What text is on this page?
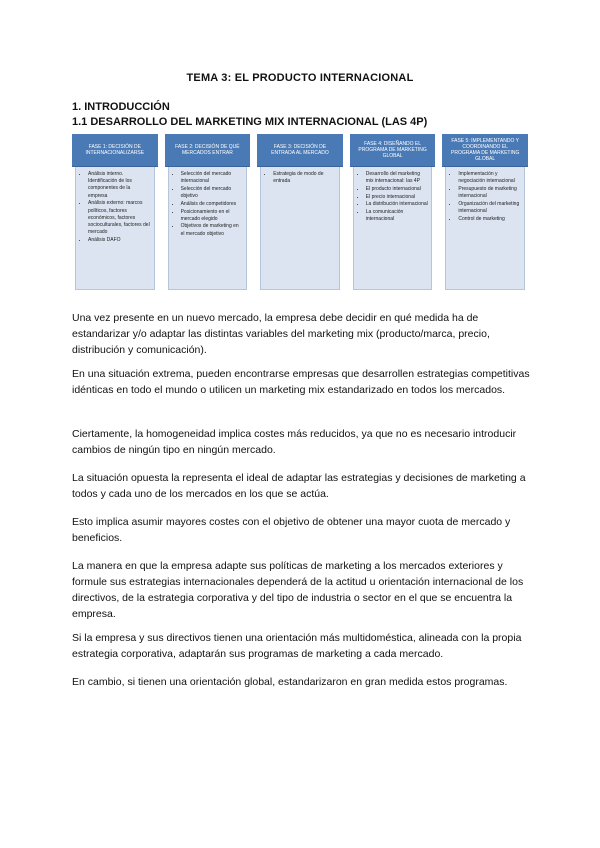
TEMA 3: EL PRODUCTO INTERNACIONAL
1. INTRODUCCIÓN
1.1 DESARROLLO DEL MARKETING MIX INTERNACIONAL (LAS 4P)
FASE 1: DECISIÓN DE INTERNACIONALIZARSE
• Análisis interno. Identificación de los componentes de la empresa
• Análisis externo: marcos políticos, factores económicos, factores socioculturales, factores del mercado
• Análisis DAFO
FASE 2: DECISIÓN DE QUÉ MERCADOS ENTRAR
• Selección del mercado internacional
• Selección del mercado objetivo
• Análisis de competidores
• Posicionamiento en el mercado elegido
• Objetivos de marketing en el mercado objetivo
FASE 3: DECISIÓN DE ENTRADA AL MERCADO
• Estrategia de modo de entrada
FASE 4: DISEÑANDO EL PROGRAMA DE MARKETING GLOBAL
• Desarrollo del marketing mix internacional: las 4P
• El producto internacional
• El precio internacional
• La distribución internacional
• La comunicación internacional
FASE 5: IMPLEMENTANDO Y COORDINANDO EL PROGRAMA DE MARKETING GLOBAL
• Implementación y negociación internacional
• Presupuesto de marketing internacional
• Organización del marketing internacional
• Control de marketing

Una vez presente en un nuevo mercado, la empresa debe decidir en qué medida ha de estandarizar y/o adaptar las distintas variables del marketing mix (producto/marca, precio, distribución y comunicación).

En una situación extrema, pueden encontrarse empresas que desarrollen estrategias competitivas idénticas en todo el mundo o utilicen un marketing mix estandarizado en todos los mercados.

Ciertamente, la homogeneidad implica costes más reducidos, ya que no es necesario introducir cambios de ningún tipo en ningún mercado.

La situación opuesta la representa el ideal de adaptar las estrategias y decisiones de marketing a todos y cada uno de los mercados en los que se actúa.

Esto implica asumir mayores costes con el objetivo de obtener una mayor cuota de mercado y beneficios.

La manera en que la empresa adapte sus políticas de marketing a los mercados exteriores y formule sus estrategias internacionales dependerá de la actitud u orientación internacional de los directivos, de la estrategia corporativa y del tipo de industria o sector en el que se encuentra la empresa.

Si la empresa y sus directivos tienen una orientación más multidoméstica, alineada con la propia estrategia corporativa, adaptarán sus programas de marketing a cada mercado.

En cambio, si tienen una orientación global, estandarizaron en gran medida estos programas.
